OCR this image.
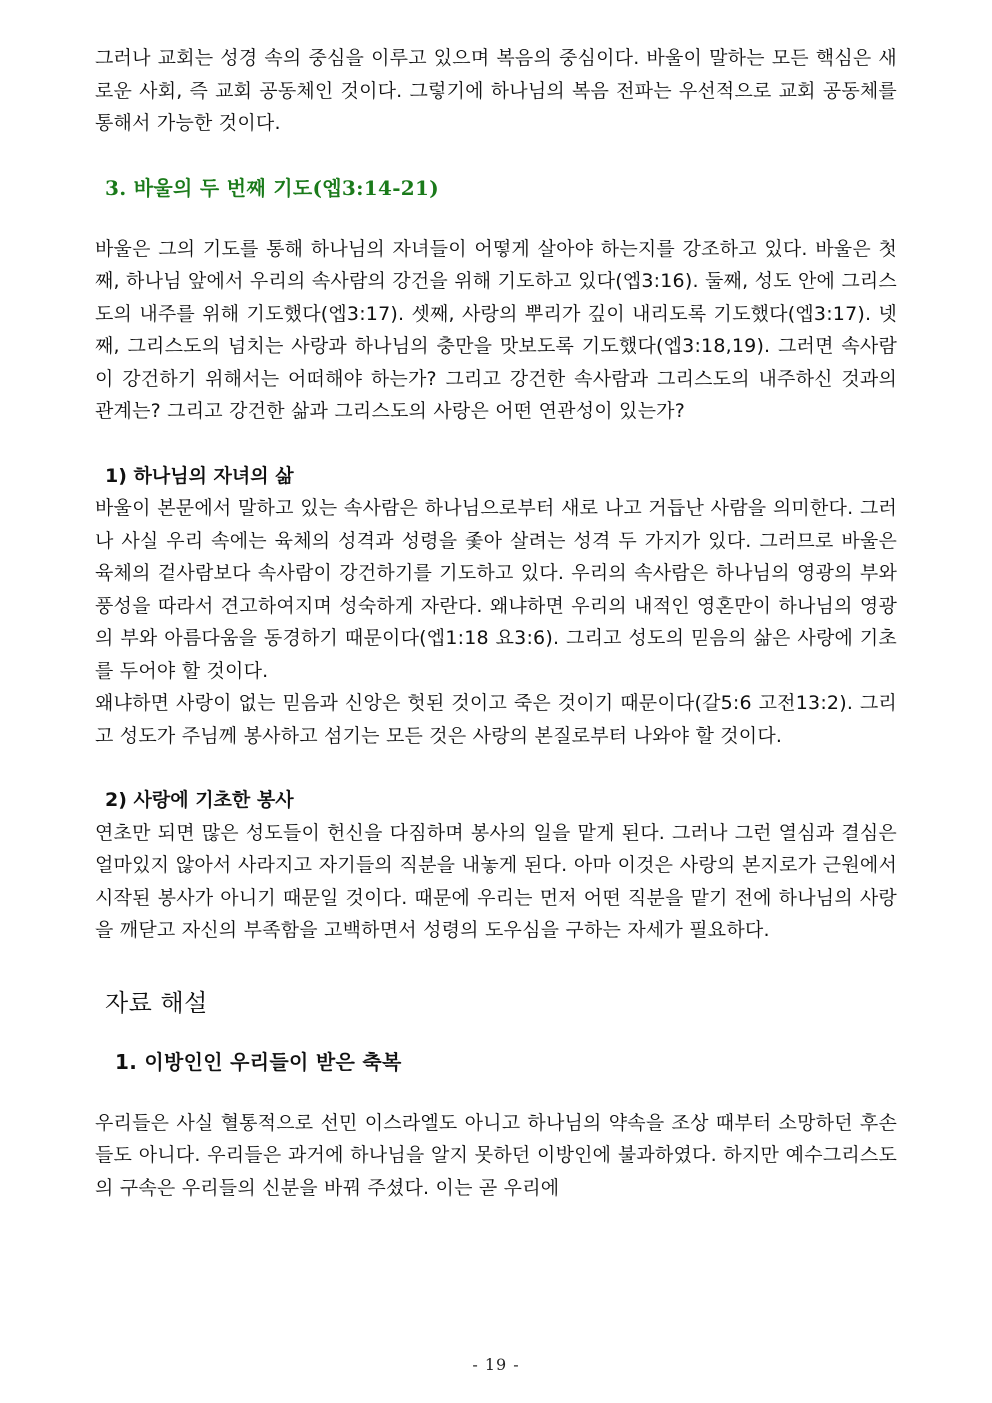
그러나 교회는 성경 속의 중심을 이루고 있으며 복음의 중심이다. 바울이 말하는 모든 핵심은 새로운 사회, 즉 교회 공동체인 것이다. 그렇기에 하나님의 복음 전파는 우선적으로 교회 공동체를 통해서 가능한 것이다.

3. 바울의 두 번째 기도(엡3:14-21)

바울은 그의 기도를 통해 하나님의 자녀들이 어떻게 살아야 하는지를 강조하고 있다. 바울은 첫째, 하나님 앞에서 우리의 속사람의 강건을 위해 기도하고 있다(엡3:16). 둘째, 성도 안에 그리스도의 내주를 위해 기도했다(엡3:17). 셋째, 사랑의 뿌리가 깊이 내리도록 기도했다(엡3:17). 넷째, 그리스도의 넘치는 사랑과 하나님의 충만을 맛보도록 기도했다(엡3:18,19). 그러면 속사람이 강건하기 위해서는 어떠해야 하는가? 그리고 강건한 속사람과 그리스도의 내주하신 것과의 관계는? 그리고 강건한 삶과 그리스도의 사랑은 어떤 연관성이 있는가?

1) 하나님의 자녀의 삶

바울이 본문에서 말하고 있는 속사람은 하나님으로부터 새로 나고 거듭난 사람을 의미한다. 그러나 사실 우리 속에는 육체의 성격과 성령을 좇아 살려는 성격 두 가지가 있다. 그러므로 바울은 육체의 겉사람보다 속사람이 강건하기를 기도하고 있다. 우리의 속사람은 하나님의 영광의 부와 풍성을 따라서 견고하여지며 성숙하게 자란다. 왜냐하면 우리의 내적인 영혼만이 하나님의 영광의 부와 아름다움을 동경하기 때문이다(엡1:18 요3:6). 그리고 성도의 믿음의 삶은 사랑에 기초를 두어야 할 것이다.

왜냐하면 사랑이 없는 믿음과 신앙은 헛된 것이고 죽은 것이기 때문이다(갈5:6 고전13:2). 그리고 성도가 주님께 봉사하고 섬기는 모든 것은 사랑의 본질로부터 나와야 할 것이다.

2) 사랑에 기초한 봉사

연초만 되면 많은 성도들이 헌신을 다짐하며 봉사의 일을 맡게 된다. 그러나 그런 열심과 결심은 얼마있지 않아서 사라지고 자기들의 직분을 내놓게 된다. 아마 이것은 사랑의 본지로가 근원에서 시작된 봉사가 아니기 때문일 것이다. 때문에 우리는 먼저 어떤 직분을 맡기 전에 하나님의 사랑을 깨닫고 자신의 부족함을 고백하면서 성령의 도우심을 구하는 자세가 필요하다.

자료 해설
1. 이방인인 우리들이 받은 축복

우리들은 사실 혈통적으로 선민 이스라엘도 아니고 하나님의 약속을 조상 때부터 소망하던 후손들도 아니다. 우리들은 과거에 하나님을 알지 못하던 이방인에 불과하였다. 하지만 예수그리스도의 구속은 우리들의 신분을 바꿔 주셨다. 이는 곧 우리에

- 19 -
